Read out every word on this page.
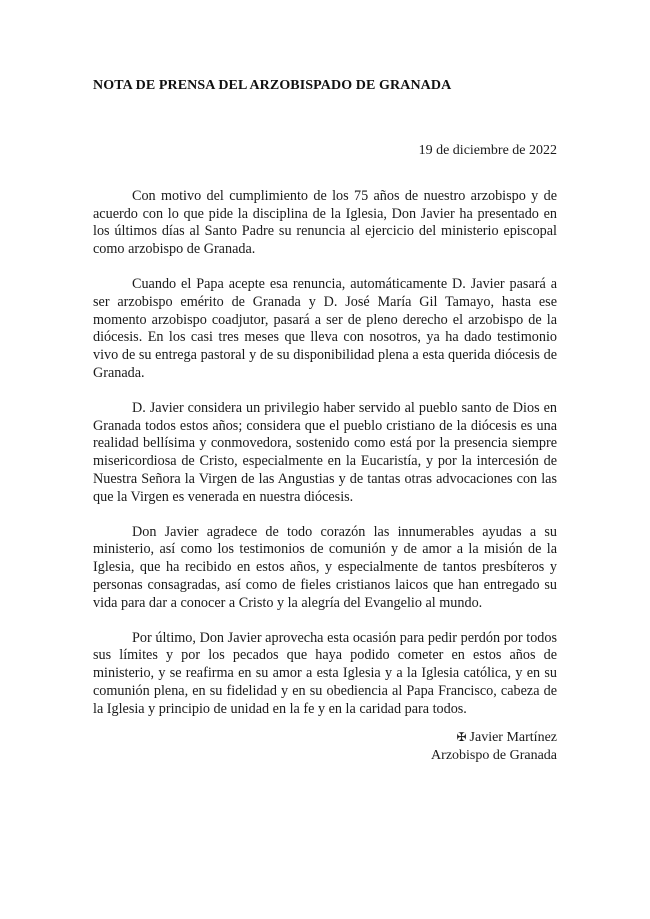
NOTA DE PRENSA DEL ARZOBISPADO DE GRANADA
19 de diciembre de 2022

Con motivo del cumplimiento de los 75 años de nuestro arzobispo y de acuerdo con lo que pide la disciplina de la Iglesia, Don Javier ha presentado en los últimos días al Santo Padre su renuncia al ejercicio del ministerio episcopal como arzobispo de Granada.

Cuando el Papa acepte esa renuncia, automáticamente D. Javier pasará a ser arzobispo emérito de Granada y D. José María Gil Tamayo, hasta ese momento arzobispo coadjutor, pasará a ser de pleno derecho el arzobispo de la diócesis. En los casi tres meses que lleva con nosotros, ya ha dado testimonio vivo de su entrega pastoral y de su disponibilidad plena a esta querida diócesis de Granada.

D. Javier considera un privilegio haber servido al pueblo santo de Dios en Granada todos estos años; considera que el pueblo cristiano de la diócesis es una realidad bellísima y conmovedora, sostenido como está por la presencia siempre misericordiosa de Cristo, especialmente en la Eucaristía, y por la intercesión de Nuestra Señora la Virgen de las Angustias y de tantas otras advocaciones con las que la Virgen es venerada en nuestra diócesis.

Don Javier agradece de todo corazón las innumerables ayudas a su ministerio, así como los testimonios de comunión y de amor a la misión de la Iglesia, que ha recibido en estos años, y especialmente de tantos presbíteros y personas consagradas, así como de fieles cristianos laicos que han entregado su vida para dar a conocer a Cristo y la alegría del Evangelio al mundo.

Por último, Don Javier aprovecha esta ocasión para pedir perdón por todos sus límites y por los pecados que haya podido cometer en estos años de ministerio, y se reafirma en su amor a esta Iglesia y a la Iglesia católica, y en su comunión plena, en su fidelidad y en su obediencia al Papa Francisco, cabeza de la Iglesia y principio de unidad en la fe y en la caridad para todos.

✠ Javier Martínez
Arzobispo de Granada
